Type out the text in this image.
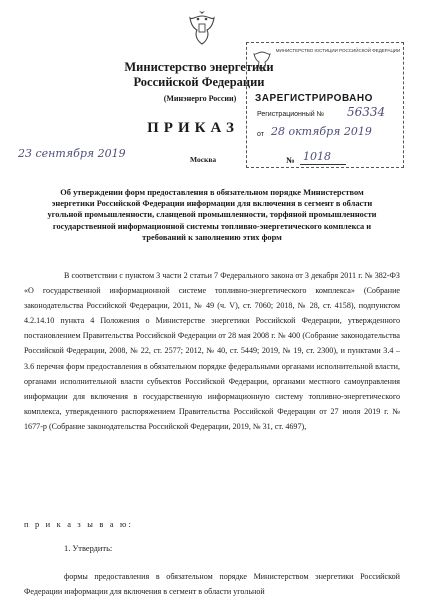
Министерство энергетики
Российской Федерации
(Минэнерго России)
ПРИКАЗ
23 сентября 2019	Москва	№ 1018
МИНИСТЕРСТВО ЮСТИЦИИ РОССИЙСКОЙ ФЕДЕРАЦИИ
ЗАРЕГИСТРИРОВАНО
Регистрационный № 56334
от 28 октября 2019
Об утверждении форм предоставления в обязательном порядке Министерством энергетики Российской Федерации информации для включения в сегмент в области угольной промышленности, сланцевой промышленности, торфяной промышленности государственной информационной системы топливно-энергетического комплекса и требований к заполнению этих форм
В соответствии с пунктом 3 части 2 статьи 7 Федерального закона от 3 декабря 2011 г. № 382-ФЗ «О государственной информационной системе топливно-энергетического комплекса» (Собрание законодательства Российской Федерации, 2011, № 49 (ч. V), ст. 7060; 2018, № 28, ст. 4158), подпунктом 4.2.14.10 пункта 4 Положения о Министерстве энергетики Российской Федерации, утвержденного постановлением Правительства Российской Федерации от 28 мая 2008 г. № 400 (Собрание законодательства Российской Федерации, 2008, № 22, ст. 2577; 2012, № 40, ст. 5449; 2019, № 19, ст. 2300), и пунктами 3.4 – 3.6 перечня форм предоставления в обязательном порядке федеральными органами исполнительной власти, органами исполнительной власти субъектов Российской Федерации, органами местного самоуправления информации для включения в государственную информационную систему топливно-энергетического комплекса, утвержденного распоряжением Правительства Российской Федерации от 27 июля 2019 г. № 1677-р (Собрание законодательства Российской Федерации, 2019, № 31, ст. 4697),
п р и к а з ы в а ю:
1. Утвердить:
формы предоставления в обязательном порядке Министерством энергетики Российской Федерации информации для включения в сегмент в области угольной
